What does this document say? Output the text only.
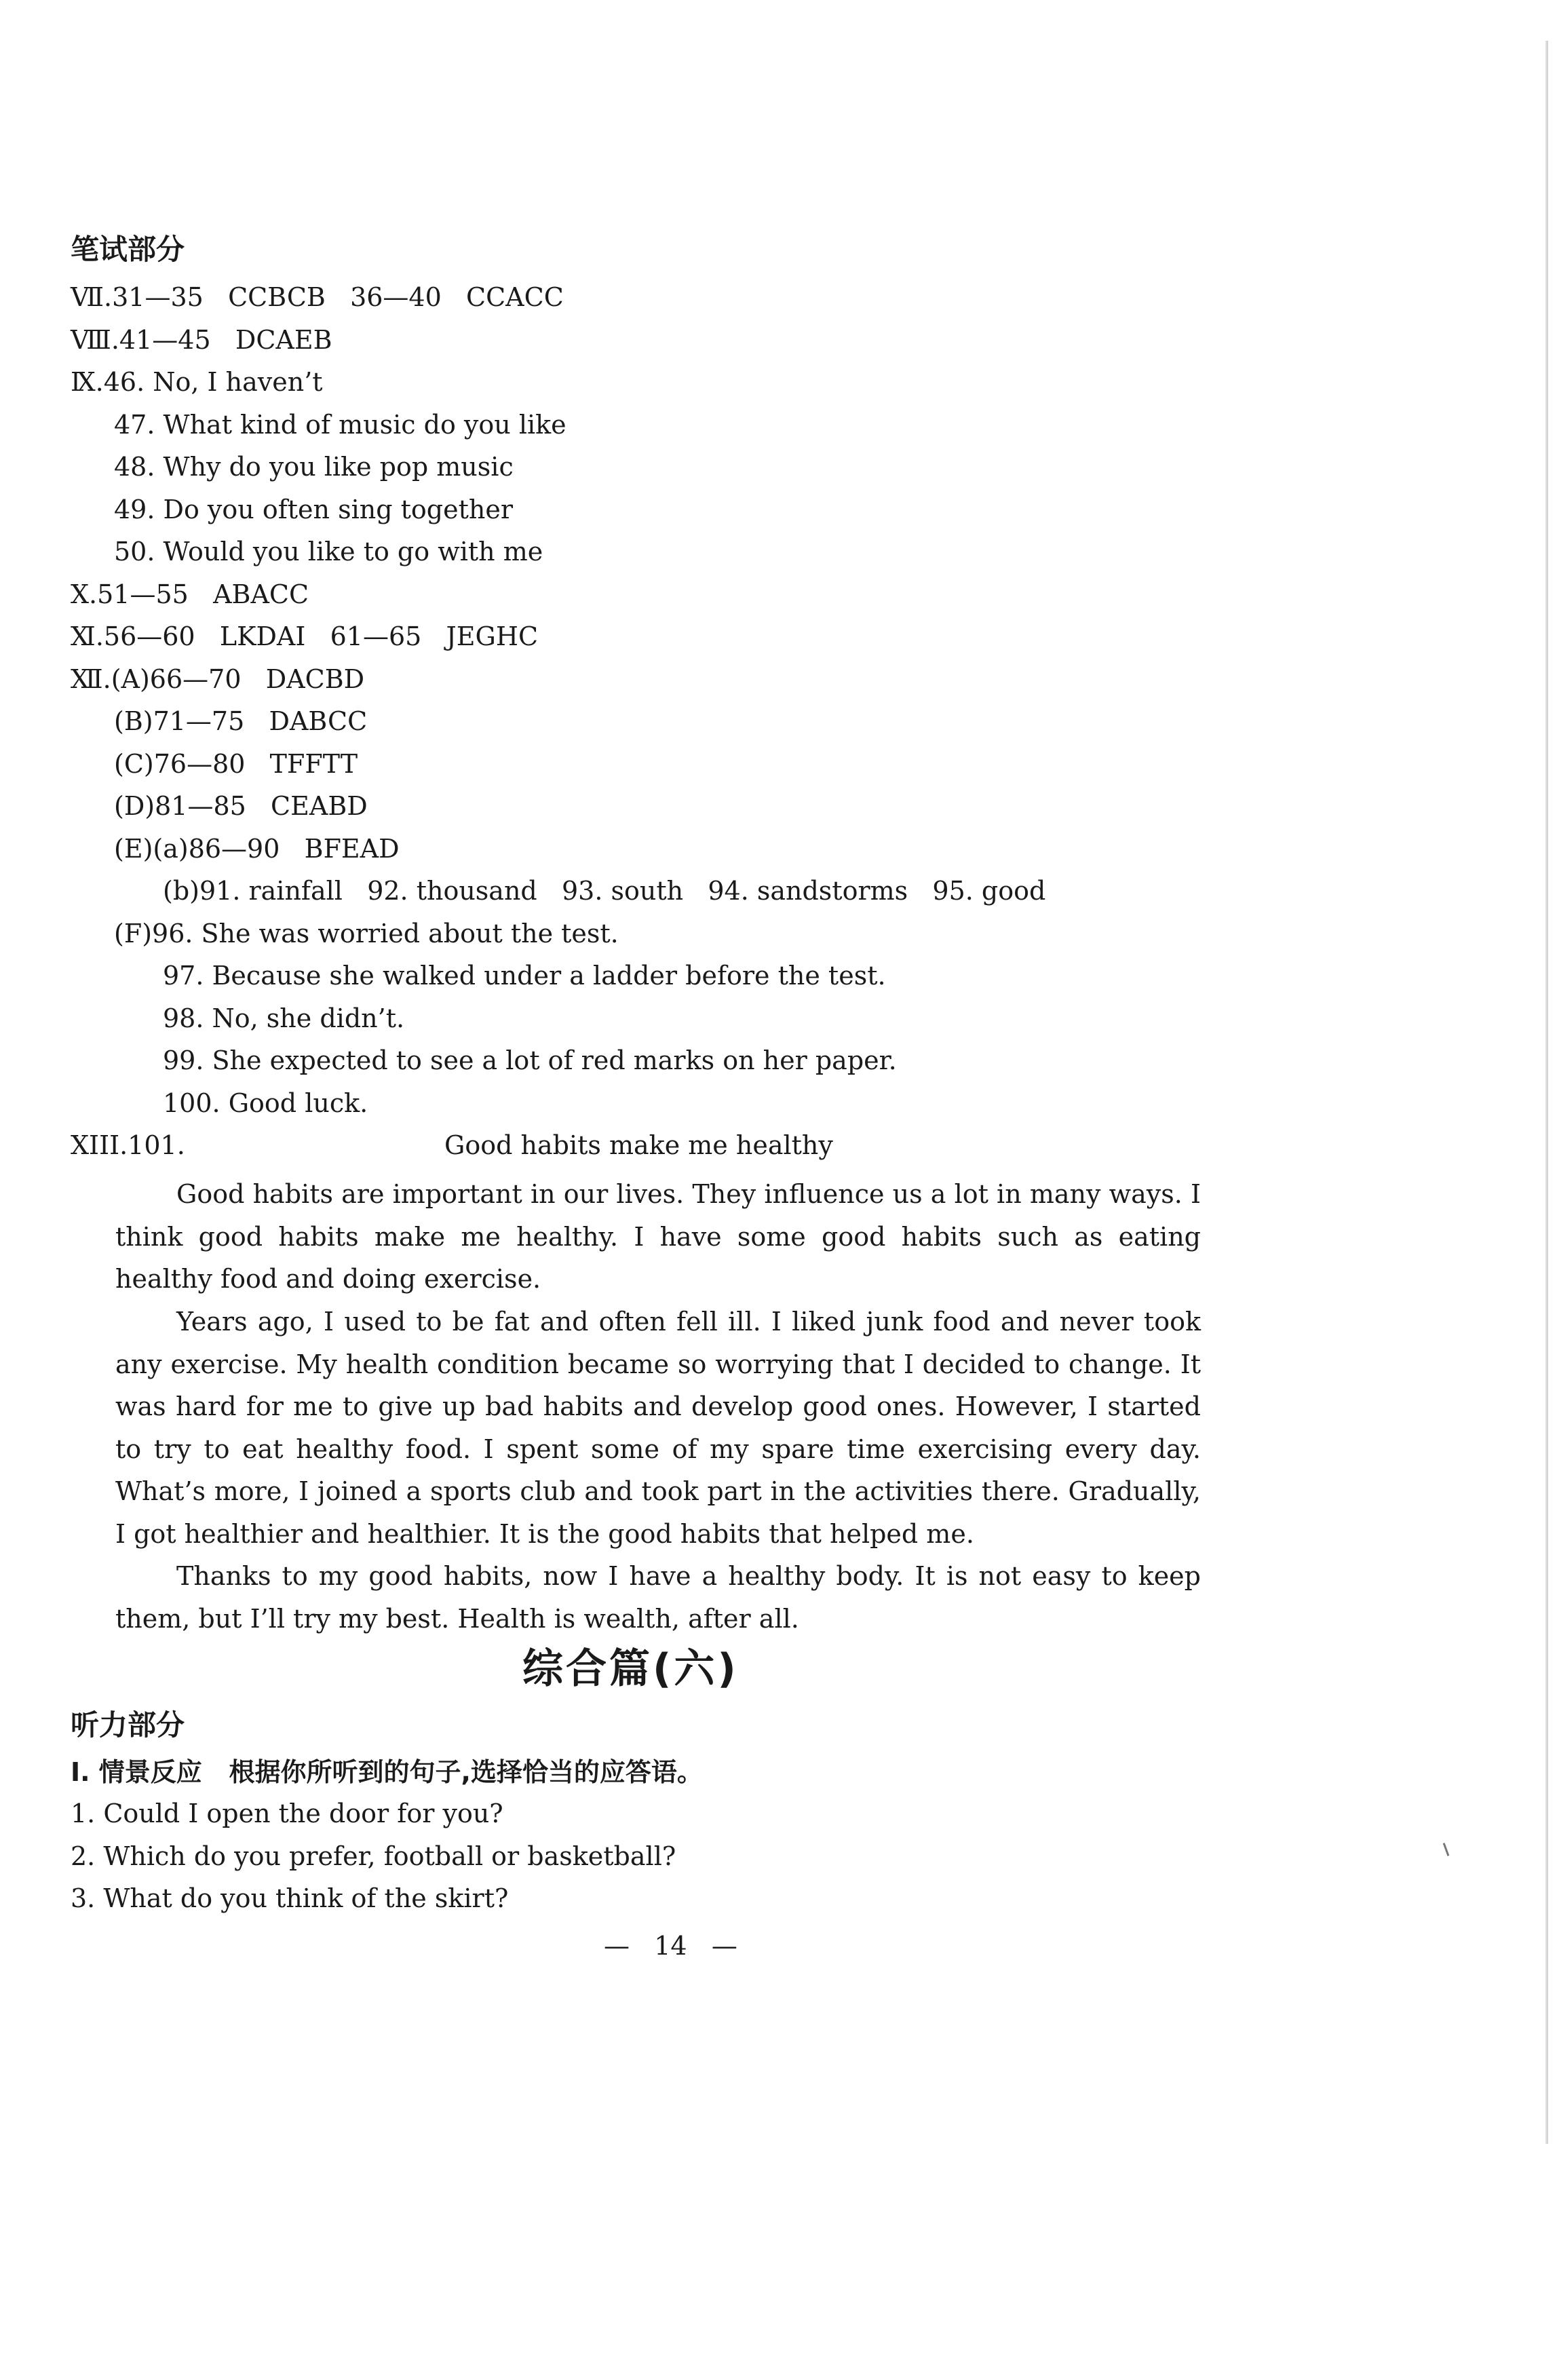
笔试部分
Ⅶ.31—35   CCBCB   36—40   CCACC
Ⅷ.41—45   DCAEB
Ⅸ.46. No, I haven’t
47. What kind of music do you like
48. Why do you like pop music
49. Do you often sing together
50. Would you like to go with me
Ⅹ.51—55   ABACC
Ⅺ.56—60   LKDAI   61—65   JEGHC
Ⅻ.(A)66—70   DACBD
(B)71—75   DABCC
(C)76—80   TFFTT
(D)81—85   CEABD
(E)(a)86—90   BFEAD
(b)91. rainfall   92. thousand   93. south   94. sandstorms   95. good
(F)96. She was worried about the test.
97. Because she walked under a ladder before the test.
98. No, she didn’t.
99. She expected to see a lot of red marks on her paper.
100. Good luck.
XIII.101.	Good habits make me healthy
Good habits are important in our lives. They influence us a lot in many ways. I think good habits make me healthy. I have some good habits such as eating healthy food and doing exercise.
Years ago, I used to be fat and often fell ill. I liked junk food and never took any exercise. My health condition became so worrying that I decided to change. It was hard for me to give up bad habits and develop good ones. However, I started to try to eat healthy food. I spent some of my spare time exercising every day. What’s more, I joined a sports club and took part in the activities there. Gradually, I got healthier and healthier. It is the good habits that helped me.
Thanks to my good habits, now I have a healthy body. It is not easy to keep them, but I’ll try my best. Health is wealth, after all.
综合篇(六)
听力部分
Ⅰ. 情景反应   根据你所听到的句子,选择恰当的应答语。
1. Could I open the door for you?
2. Which do you prefer, football or basketball?
3. What do you think of the skirt?
—   14   —
